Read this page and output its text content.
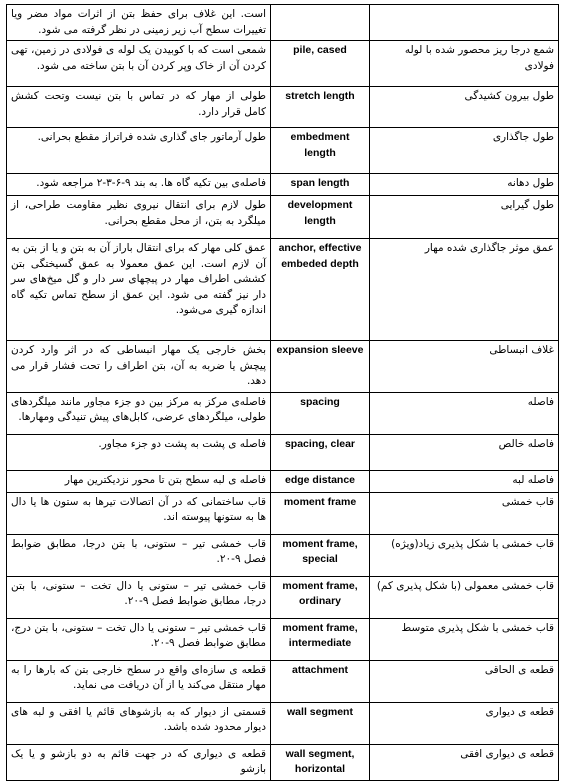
است. این غلاف برای حفظ بتن از اثرات مواد مضر ویا تغییرات سطح آب زیر زمینی در نظر گرفته می شود.		
شمعی است که با کوبیدن یک لوله ی فولادی در زمین، تهی کردن آن از خاک وپر کردن آن با بتن ساخته می شود.	pile, cased	شمع درجا ریز محصور شده با لوله فولادی
طولی از مهار که در تماس با بتن نیست وتحت کشش کامل قرار دارد.	stretch length	طول بیرون کشیدگی
طول آرماتور جای گذاری شده فراتراز مقطع بحرانی.	embedment length	طول جاگذاری
فاصله‌ی بین تکیه گاه ها. به بند ۹-۶-۳-۲ مراجعه شود.	span length	طول دهانه
طول لازم برای انتقال نیروی نظیر مقاومت طراحی، از میلگرد به بتن، از محل مقطع بحرانی.	development length	طول گیرایی
عمق کلی مهار که برای انتقال باراز آن به بتن و یا از بتن به آن لازم است. این عمق معمولا به عمق گسیختگی بتن کششی اطراف مهار در پیچهای سر دار و گل میخ‌های سر دار نیز گفته می شود. این عمق از سطح تماس تکیه گاه اندازه گیری می‌شود.	anchor, effective embeded depth	عمق موثر جاگذاری شده مهار
بخش خارجی یک مهار انبساطی که در اثر وارد کردن پیچش یا ضربه به آن، بتن اطراف را تحت فشار قرار می دهد.	expansion sleeve	غلاف انبساطی
فاصله‌ی مرکز به مرکز بین دو جزء مجاور مانند میلگردهای طولی، میلگردهای عرضی، کابل‌های پیش تنیدگی ومهارها.	spacing	فاصله
فاصله ی پشت به پشت دو جزء مجاور.	spacing, clear	فاصله خالص
فاصله ی لبه سطح بتن تا محور نزدیکترین مهار	edge distance	فاصله لبه
قاب ساختمانی که در آن اتصالات تیرها به ستون ها یا دال ها به ستونها پیوسته اند.	moment frame	قاب خمشی
قاب خمشی تیر – ستونی، با بتن درجا، مطابق ضوابط فصل ۹-۲۰.	moment frame, special	قاب خمشی با شکل پذیری زیاد(ویژه)
قاب خمشی تیر – ستونی یا دال تخت – ستونی، با بتن درجا، مطابق ضوابط فصل ۹-۲۰.	moment frame, ordinary	قاب خمشی معمولی (با شکل پذیری کم)
قاب خمشی تیر – ستونی یا دال تخت – ستونی، با بتن درج، مطابق ضوابط فصل ۹-۲۰.	moment frame, intermediate	قاب خمشی با شکل پذیری متوسط
قطعه ی سازه‌ای واقع در سطح خارجی بتن که بارها را به مهار منتقل می‌کند یا از آن دریافت می نماید.	attachment	قطعه ی الحاقی
قسمتی از دیوار که به بازشوهای قائم یا افقی و لبه های دیوار محدود شده باشد.	wall segment	قطعه ی دیواری
قطعه ی دیواری که در جهت قائم به دو بازشو و یا یک بازشو	wall segment, horizontal	قطعه ی دیواری افقی
